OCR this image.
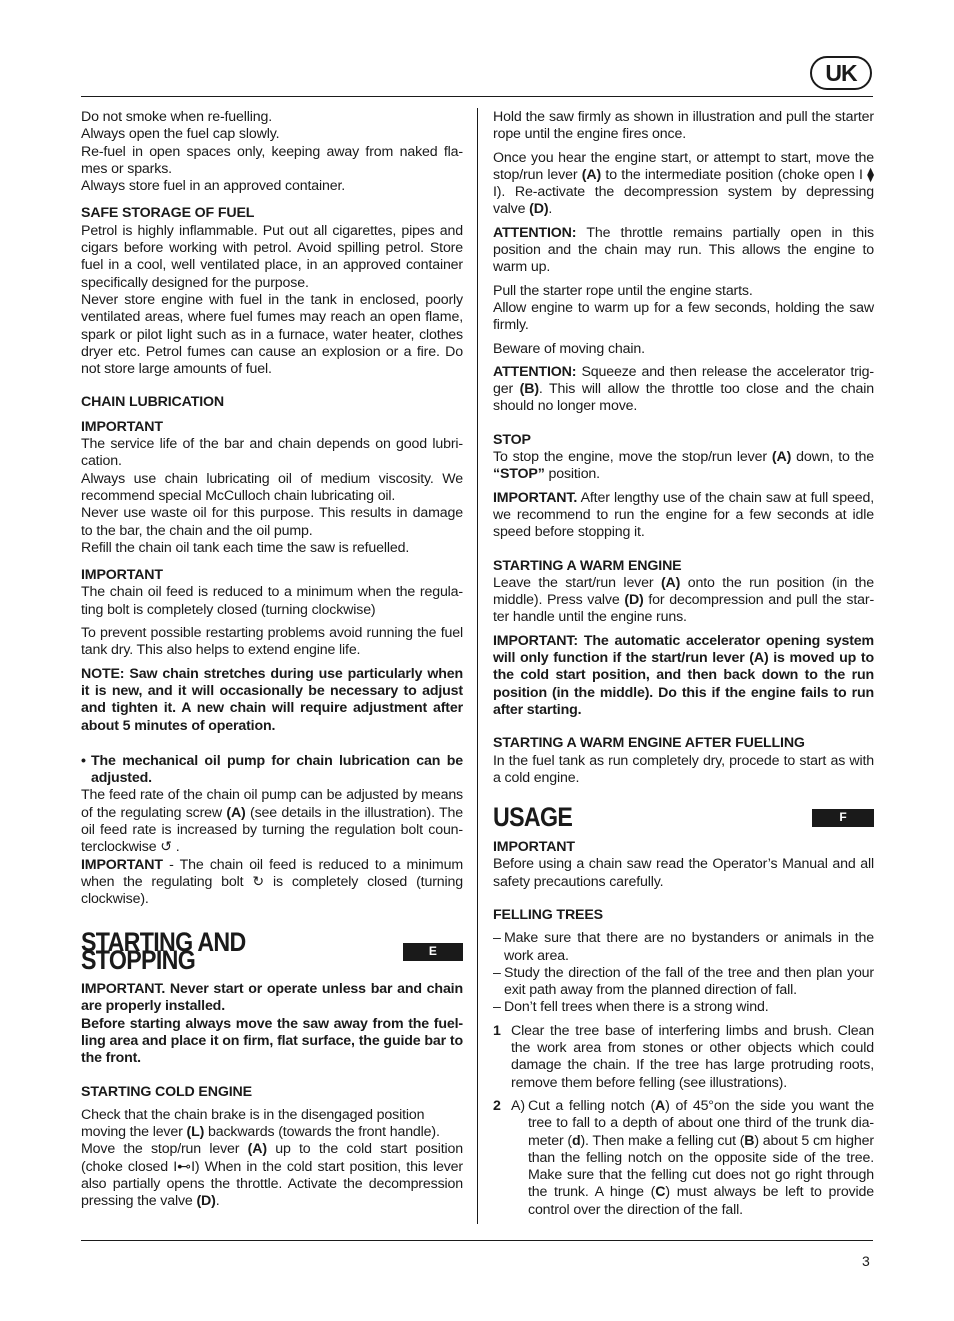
UK

Do not smoke when re-fuelling.

Always open the fuel cap slowly.

Re-fuel in open spaces only, keeping away from naked fla-mes or sparks.

Always store fuel in an approved container.

SAFE STORAGE OF FUEL

Petrol is highly inflammable. Put out all cigarettes, pipes and cigars before working with petrol. Avoid spilling petrol. Store fuel in a cool, well ventilated place, in an approved container specifically designed for the purpose.

Never store engine with fuel in the tank in enclosed, poorly ventilated areas, where fuel fumes may reach an open flame, spark or pilot light such as in a furnace, water heater, clothes dryer etc. Petrol fumes can cause an explosion or a fire. Do not store large amounts of fuel.

CHAIN LUBRICATION
IMPORTANT

The service life of the bar and chain depends on good lubri-cation.

Always use chain lubricating oil of medium viscosity. We recommend special McCulloch chain lubricating oil.

Never use waste oil for this purpose. This results in damage to the bar, the chain and the oil pump.

Refill the chain oil tank each time the saw is refuelled.

IMPORTANT

The chain oil feed is reduced to a minimum when the regula-ting bolt is completely closed (turning clockwise)

To prevent possible restarting problems avoid running the fuel tank dry. This also helps to extend engine life.

NOTE: Saw chain stretches during use particularly when it is new, and it will occasionally be necessary to adjust and tighten it. A new chain will require adjustment after about 5 minutes of operation.

• The mechanical oil pump for chain lubrication can be adjusted.

The feed rate of the chain oil pump can be adjusted by means of the regulating screw (A) (see details in the illustration). The oil feed rate is increased by turning the regulation bolt coun-terclockwise ↺ .

IMPORTANT - The chain oil feed is reduced to a minimum when the regulating bolt ↻ is completely closed (turning clockwise).

STARTING AND STOPPING	E

IMPORTANT. Never start or operate unless bar and chain are properly installed.

Before starting always move the saw away from the fuel-ling area and place it on firm, flat surface, the guide bar to the front.

STARTING COLD ENGINE

Check that the chain brake is in the disengaged position

moving the lever (L) backwards (towards the front handle).

Move the stop/run lever (A) up to the cold start position (choke closed I⊷I) When in the cold start position, this lever also partially opens the throttle. Activate the decompression pressing the valve (D).

Hold the saw firmly as shown in illustration and pull the starter rope until the engine fires once.

Once you hear the engine start, or attempt to start, move the stop/run lever (A) to the intermediate position (choke open I ⧫ I). Re-activate the decompression system by depressing valve (D).

ATTENTION: The throttle remains partially open in this position and the chain may run. This allows the engine to warm up.

Pull the starter rope until the engine starts.

Allow engine to warm up for a few seconds, holding the saw firmly.

Beware of moving chain.

ATTENTION: Squeeze and then release the accelerator trig-ger (B). This will allow the throttle too close and the chain should no longer move.

STOP

To stop the engine, move the stop/run lever (A) down, to the “STOP” position.

IMPORTANT. After lengthy use of the chain saw at full speed, we recommend to run the engine for a few seconds at idle speed before stopping it.

STARTING A WARM ENGINE

Leave the start/run lever (A) onto the run position (in the middle). Press valve (D) for decompression and pull the star-ter handle until the engine runs.

IMPORTANT: The automatic accelerator opening system will only function if the start/run lever (A) is moved up to the cold start position, and then back down to the run position (in the middle). Do this if the engine fails to run after starting.

STARTING A WARM ENGINE AFTER FUELLING

In the fuel tank as run completely dry, procede to start as with a cold engine.

USAGE	F
IMPORTANT

Before using a chain saw read the Operator’s Manual and all safety precautions carefully.

FELLING TREES
– Make sure that there are no bystanders or animals in the work area.
– Study the direction of the fall of the tree and then plan your exit path away from the planned direction of fall.
– Don’t fell trees when there is a strong wind.
1 Clear the tree base of interfering limbs and brush. Clean the work area from stones or other objects which could damage the chain. If the tree has large protruding roots, remove them before felling (see illustrations).
2 A) Cut a felling notch (A) of 45°on the side you want the tree to fall to a depth of about one third of the trunk dia-meter (d). Then make a felling cut (B) about 5 cm higher than the felling notch on the opposite side of the tree. Make sure that the felling cut does not go right through the trunk. A hinge (C) must always be left to provide control over the direction of the fall.
3
